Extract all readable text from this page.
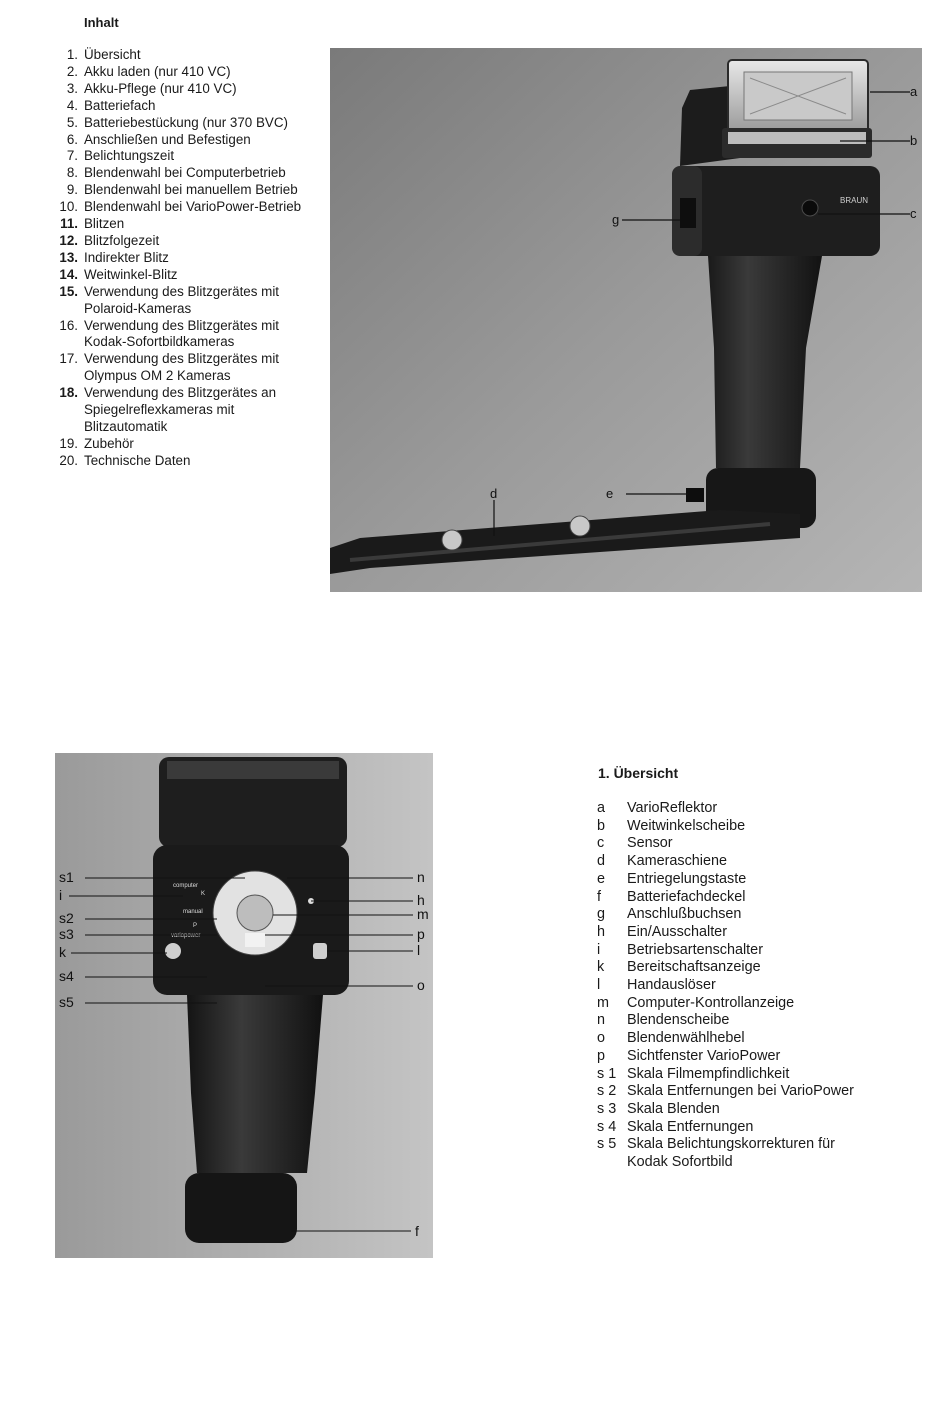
Inhalt
1. Übersicht
2. Akku laden (nur 410 VC)
3. Akku-Pflege (nur 410 VC)
4. Batteriefach
5. Batteriebestückung (nur 370 BVC)
6. Anschließen und Befestigen
7. Belichtungszeit
8. Blendenwahl bei Computerbetrieb
9. Blendenwahl bei manuellem Betrieb
10. Blendenwahl bei VarioPower-Betrieb
11. Blitzen
12. Blitzfolgezeit
13. Indirekter Blitz
14. Weitwinkel-Blitz
15. Verwendung des Blitzgerätes mit Polaroid-Kameras
16. Verwendung des Blitzgerätes mit Kodak-Sofortbildkameras
17. Verwendung des Blitzgerätes mit Olympus OM 2 Kameras
18. Verwendung des Blitzgerätes an Spiegelreflexkameras mit Blitzautomatik
19. Zubehör
20. Technische Daten
BRAUN
a
b
c
g
d	e
computer
K
manual
P
variopower
s1
i
s2
s3
k
s4
s5
n
h
m
p
l
o
f
1. Übersicht
a	VarioReflektor
b	Weitwinkelscheibe
c	Sensor
d	Kameraschiene
e	Entriegelungstaste
f	Batteriefachdeckel
g	Anschlußbuchsen
h	Ein/Ausschalter
i	Betriebsartenschalter
k	Bereitschaftsanzeige
l	Handauslöser
m	Computer-Kontrollanzeige
n	Blendenscheibe
o	Blendenwählhebel
p	Sichtfenster VarioPower
s 1 Skala Filmempfindlichkeit
s 2 Skala Entfernungen bei VarioPower
s 3 Skala Blenden
s 4 Skala Entfernungen
s 5 Skala Belichtungskorrekturen für Kodak Sofortbild
